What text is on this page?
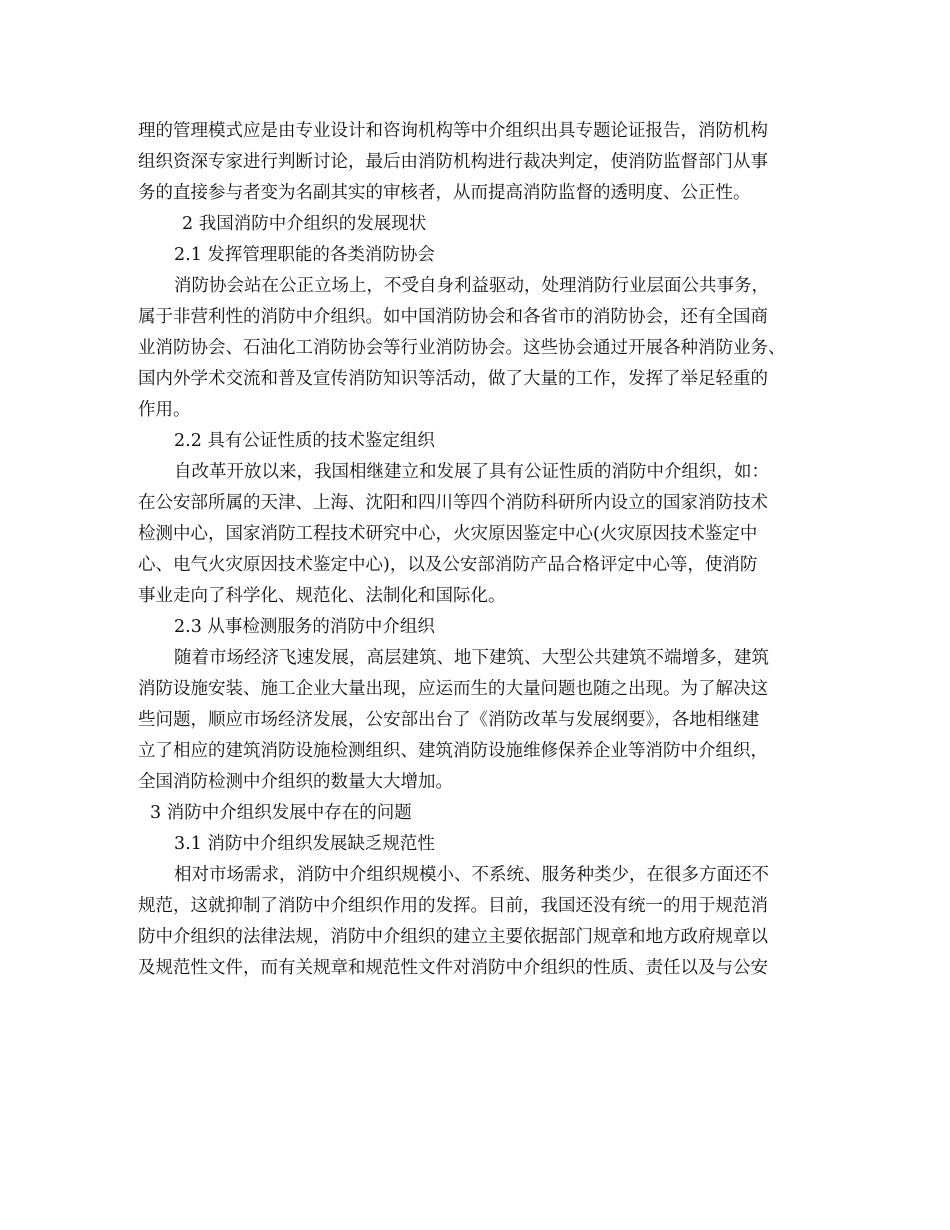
理的管理模式应是由专业设计和咨询机构等中介组织出具专题论证报告，消防机构
组织资深专家进行判断讨论，最后由消防机构进行裁决判定，使消防监督部门从事
务的直接参与者变为名副其实的审核者，从而提高消防监督的透明度、公正性。
2 我国消防中介组织的发展现状
2.1 发挥管理职能的各类消防协会
消防协会站在公正立场上，不受自身利益驱动，处理消防行业层面公共事务，
属于非营利性的消防中介组织。如中国消防协会和各省市的消防协会，还有全国商
业消防协会、石油化工消防协会等行业消防协会。这些协会通过开展各种消防业务、
国内外学术交流和普及宣传消防知识等活动，做了大量的工作，发挥了举足轻重的
作用。
2.2 具有公证性质的技术鉴定组织
自改革开放以来，我国相继建立和发展了具有公证性质的消防中介组织，如：
在公安部所属的天津、上海、沈阳和四川等四个消防科研所内设立的国家消防技术
检测中心，国家消防工程技术研究中心，火灾原因鉴定中心(火灾原因技术鉴定中
心、电气火灾原因技术鉴定中心)，以及公安部消防产品合格评定中心等，使消防
事业走向了科学化、规范化、法制化和国际化。
2.3 从事检测服务的消防中介组织
随着市场经济飞速发展，高层建筑、地下建筑、大型公共建筑不端增多，建筑
消防设施安装、施工企业大量出现，应运而生的大量问题也随之出现。为了解决这
些问题，顺应市场经济发展，公安部出台了《消防改革与发展纲要》，各地相继建
立了相应的建筑消防设施检测组织、建筑消防设施维修保养企业等消防中介组织，
全国消防检测中介组织的数量大大增加。
3 消防中介组织发展中存在的问题
3.1 消防中介组织发展缺乏规范性
相对市场需求，消防中介组织规模小、不系统、服务种类少，在很多方面还不
规范，这就抑制了消防中介组织作用的发挥。目前，我国还没有统一的用于规范消
防中介组织的法律法规，消防中介组织的建立主要依据部门规章和地方政府规章以
及规范性文件，而有关规章和规范性文件对消防中介组织的性质、责任以及与公安
